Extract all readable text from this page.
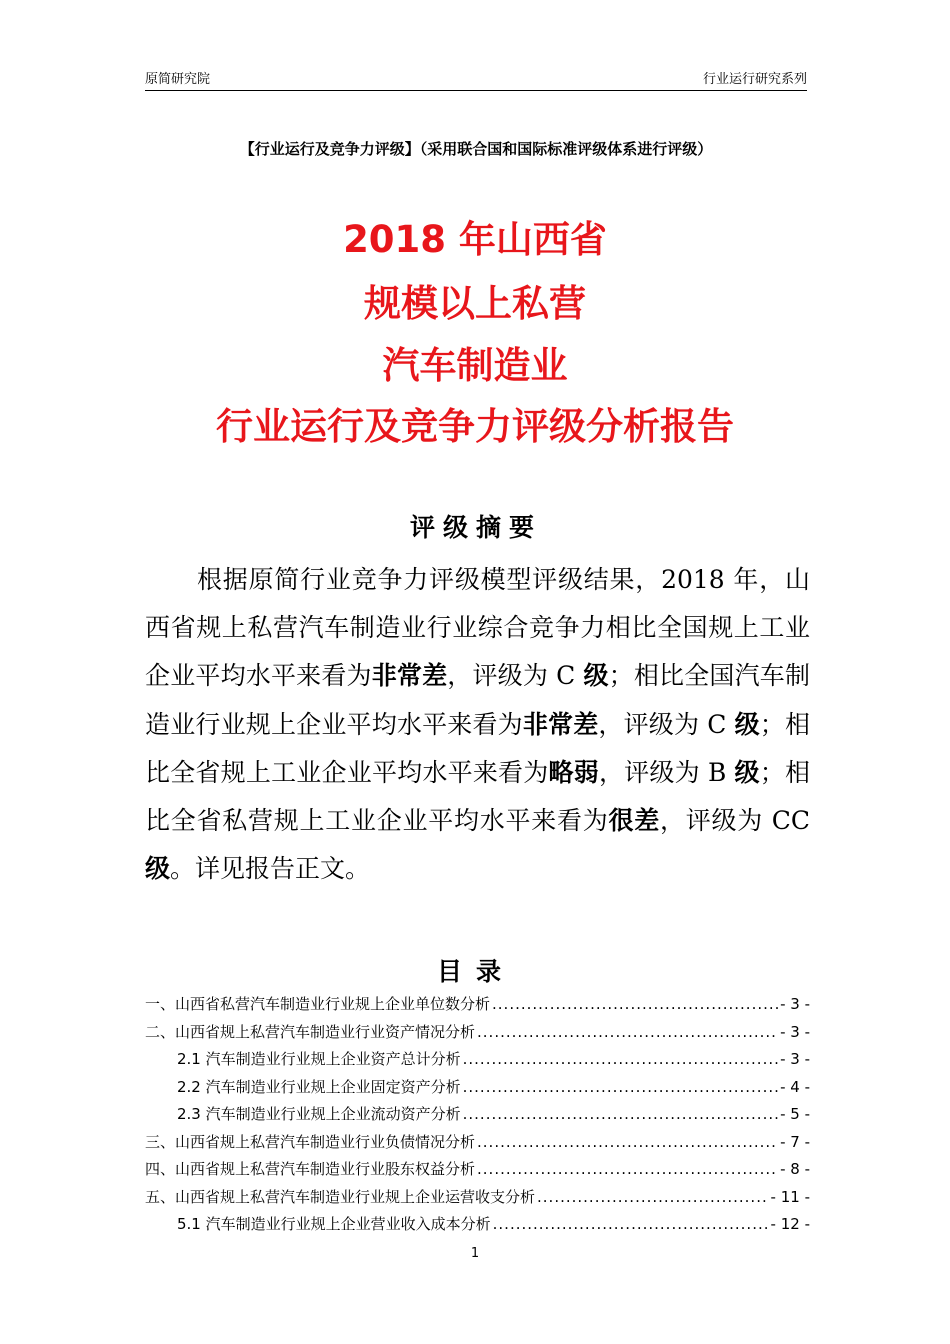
原简研究院	行业运行研究系列
【行业运行及竞争力评级】（采用联合国和国际标准评级体系进行评级）
2018 年山西省
规模以上私营
汽车制造业
行业运行及竞争力评级分析报告
评级摘要

根据原简行业竞争力评级模型评级结果，2018 年，山西省规上私营汽车制造业行业综合竞争力相比全国规上工业企业平均水平来看为非常差，评级为 C 级；相比全国汽车制造业行业规上企业平均水平来看为非常差，评级为 C 级；相比全省规上工业企业平均水平来看为略弱，评级为 B 级；相比全省私营规上工业企业平均水平来看为很差，评级为 CC 级。详见报告正文。

目录
一、山西省私营汽车制造业行业规上企业单位数分析 .....	- 3 -
二、山西省规上私营汽车制造业行业资产情况分析 .....	- 3 -
2.1 汽车制造业行业规上企业资产总计分析 .....	- 3 -
2.2 汽车制造业行业规上企业固定资产分析 .....	- 4 -
2.3 汽车制造业行业规上企业流动资产分析 .....	- 5 -
三、山西省规上私营汽车制造业行业负债情况分析 .....	- 7 -
四、山西省规上私营汽车制造业行业股东权益分析 .....	- 8 -
五、山西省规上私营汽车制造业行业规上企业运营收支分析 .....	- 11 -
5.1 汽车制造业行业规上企业营业收入成本分析 .....	- 12 -
1
